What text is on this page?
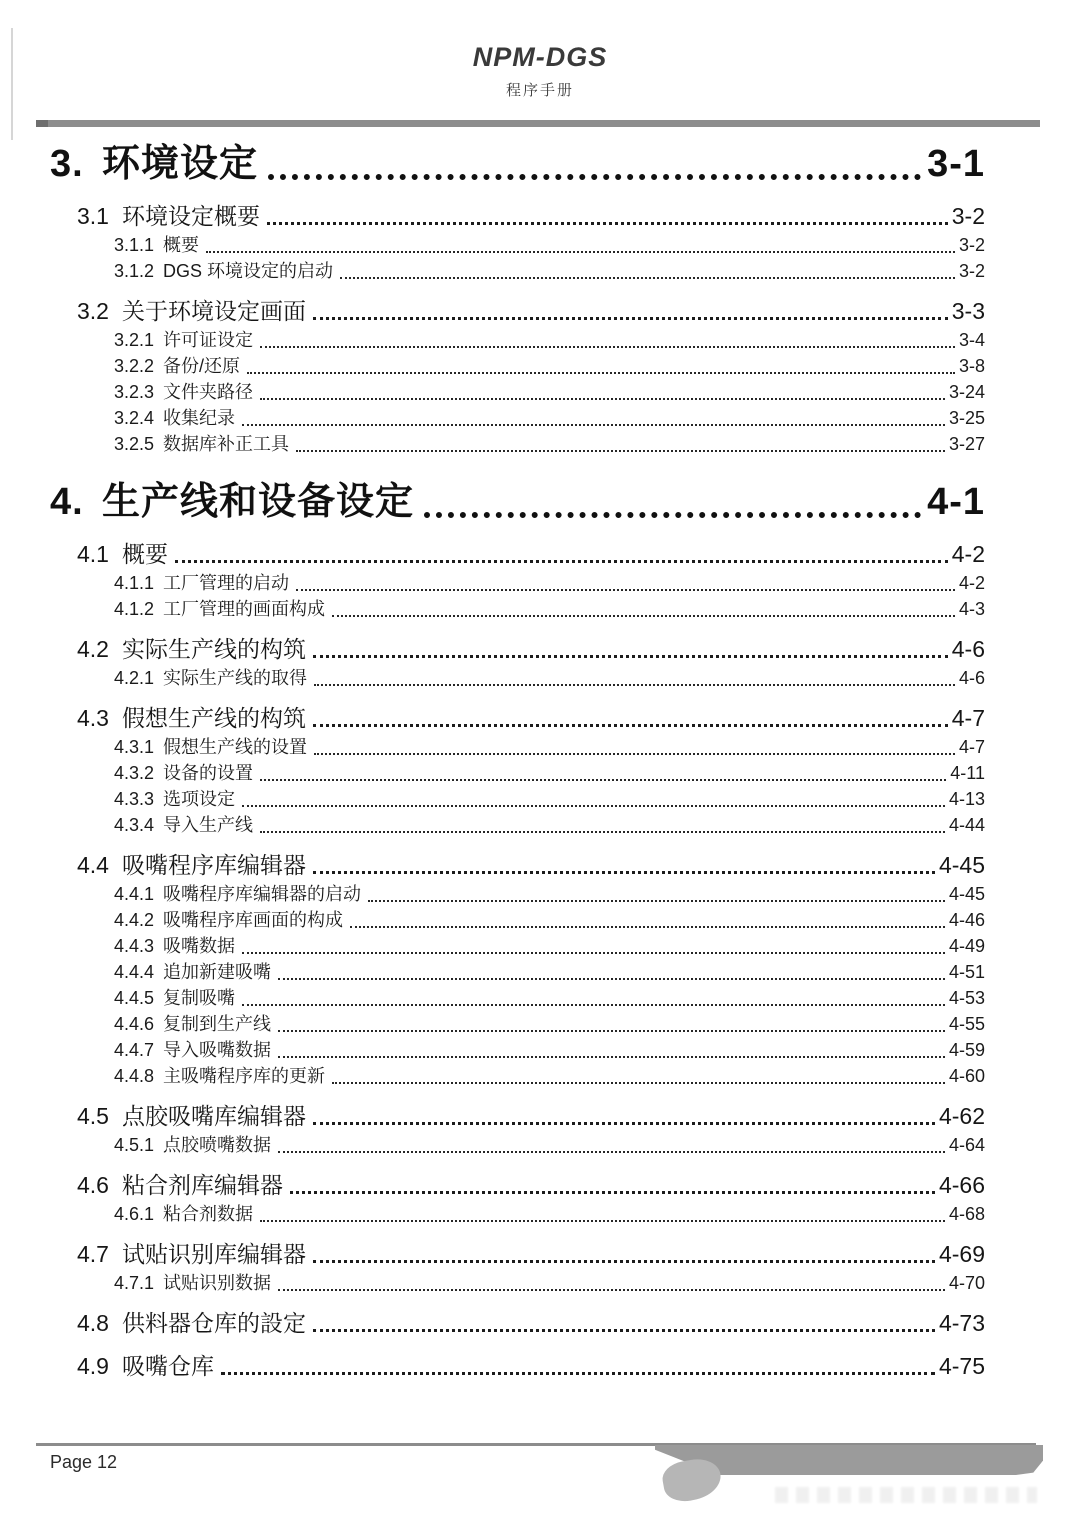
NPM-DGS
程序手册
3. 环境设定	3-1
3.1 环境设定概要	3-2
3.1.1 概要	3-2
3.1.2 DGS 环境设定的启动	3-2
3.2 关于环境设定画面	3-3
3.2.1 许可证设定	3-4
3.2.2 备份/还原	3-8
3.2.3 文件夹路径	3-24
3.2.4 收集纪录	3-25
3.2.5 数据库补正工具	3-27
4. 生产线和设备设定	4-1
4.1 概要	4-2
4.1.1 工厂管理的启动	4-2
4.1.2 工厂管理的画面构成	4-3
4.2 实际生产线的构筑	4-6
4.2.1 实际生产线的取得	4-6
4.3 假想生产线的构筑	4-7
4.3.1 假想生产线的设置	4-7
4.3.2 设备的设置	4-11
4.3.3 选项设定	4-13
4.3.4 导入生产线	4-44
4.4 吸嘴程序库编辑器	4-45
4.4.1 吸嘴程序库编辑器的启动	4-45
4.4.2 吸嘴程序库画面的构成	4-46
4.4.3 吸嘴数据	4-49
4.4.4 追加新建吸嘴	4-51
4.4.5 复制吸嘴	4-53
4.4.6 复制到生产线	4-55
4.4.7 导入吸嘴数据	4-59
4.4.8 主吸嘴程序库的更新	4-60
4.5 点胶吸嘴库编辑器	4-62
4.5.1 点胶喷嘴数据	4-64
4.6 粘合剂库编辑器	4-66
4.6.1 粘合剂数据	4-68
4.7 试贴识别库编辑器	4-69
4.7.1 试贴识别数据	4-70
4.8 供料器仓库的設定	4-73
4.9 吸嘴仓库	4-75
Page 12
